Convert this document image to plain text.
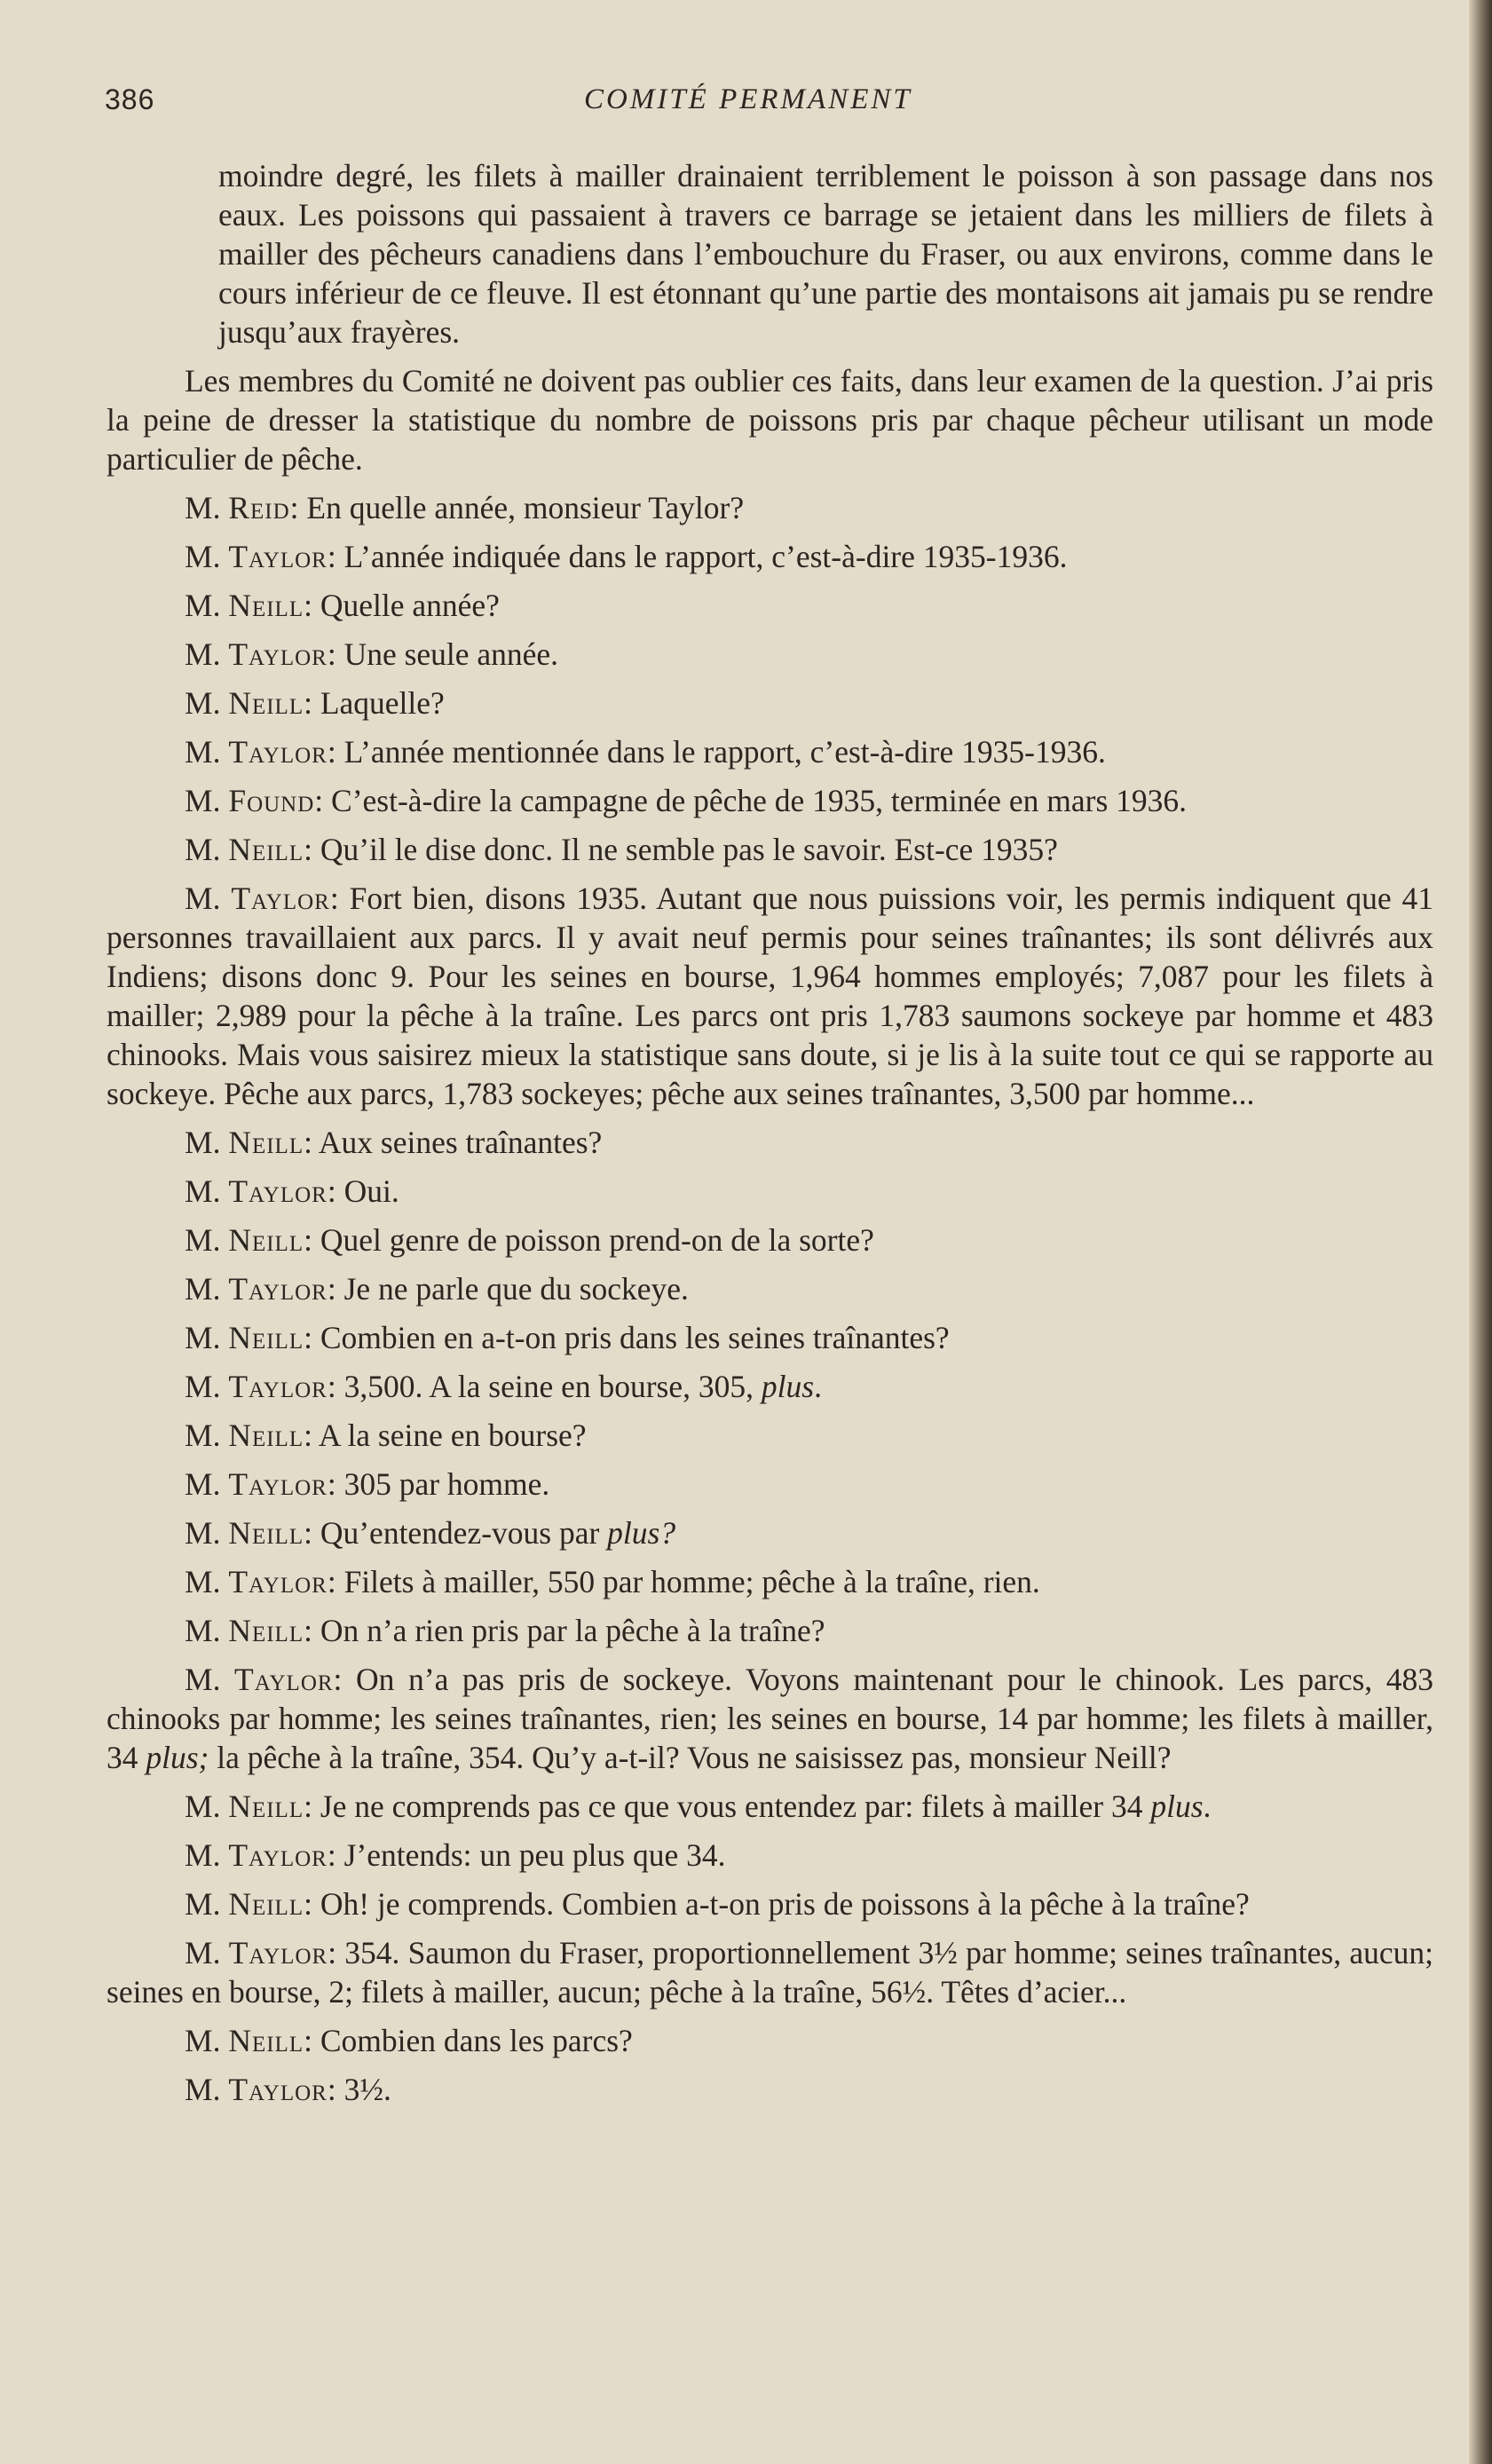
386	COMITÉ PERMANENT

moindre degré, les filets à mailler drainaient terriblement le poisson à son passage dans nos eaux. Les poissons qui passaient à travers ce barrage se jetaient dans les milliers de filets à mailler des pêcheurs canadiens dans l’embouchure du Fraser, ou aux environs, comme dans le cours inférieur de ce fleuve. Il est étonnant qu’une partie des montaisons ait jamais pu se rendre jusqu’aux frayères.

Les membres du Comité ne doivent pas oublier ces faits, dans leur examen de la question. J’ai pris la peine de dresser la statistique du nombre de poissons pris par chaque pêcheur utilisant un mode particulier de pêche.

M. Reid: En quelle année, monsieur Taylor?

M. Taylor: L’année indiquée dans le rapport, c’est-à-dire 1935-1936.

M. Neill: Quelle année?

M. Taylor: Une seule année.

M. Neill: Laquelle?

M. Taylor: L’année mentionnée dans le rapport, c’est-à-dire 1935-1936.

M. Found: C’est-à-dire la campagne de pêche de 1935, terminée en mars 1936.

M. Neill: Qu’il le dise donc. Il ne semble pas le savoir. Est-ce 1935?

M. Taylor: Fort bien, disons 1935. Autant que nous puissions voir, les permis indiquent que 41 personnes travaillaient aux parcs. Il y avait neuf permis pour seines traînantes; ils sont délivrés aux Indiens; disons donc 9. Pour les seines en bourse, 1,964 hommes employés; 7,087 pour les filets à mailler; 2,989 pour la pêche à la traîne. Les parcs ont pris 1,783 saumons sockeye par homme et 483 chinooks. Mais vous saisirez mieux la statistique sans doute, si je lis à la suite tout ce qui se rapporte au sockeye. Pêche aux parcs, 1,783 sockeyes; pêche aux seines traînantes, 3,500 par homme...

M. Neill: Aux seines traînantes?

M. Taylor: Oui.

M. Neill: Quel genre de poisson prend-on de la sorte?

M. Taylor: Je ne parle que du sockeye.

M. Neill: Combien en a-t-on pris dans les seines traînantes?

M. Taylor: 3,500. A la seine en bourse, 305, plus.

M. Neill: A la seine en bourse?

M. Taylor: 305 par homme.

M. Neill: Qu’entendez-vous par plus?

M. Taylor: Filets à mailler, 550 par homme; pêche à la traîne, rien.

M. Neill: On n’a rien pris par la pêche à la traîne?

M. Taylor: On n’a pas pris de sockeye. Voyons maintenant pour le chinook. Les parcs, 483 chinooks par homme; les seines traînantes, rien; les seines en bourse, 14 par homme; les filets à mailler, 34 plus; la pêche à la traîne, 354. Qu’y a-t-il? Vous ne saisissez pas, monsieur Neill?

M. Neill: Je ne comprends pas ce que vous entendez par: filets à mailler 34 plus.

M. Taylor: J’entends: un peu plus que 34.

M. Neill: Oh! je comprends. Combien a-t-on pris de poissons à la pêche à la traîne?

M. Taylor: 354. Saumon du Fraser, proportionnellement 3½ par homme; seines traînantes, aucun; seines en bourse, 2; filets à mailler, aucun; pêche à la traîne, 56½. Têtes d’acier...

M. Neill: Combien dans les parcs?

M. Taylor: 3½.
